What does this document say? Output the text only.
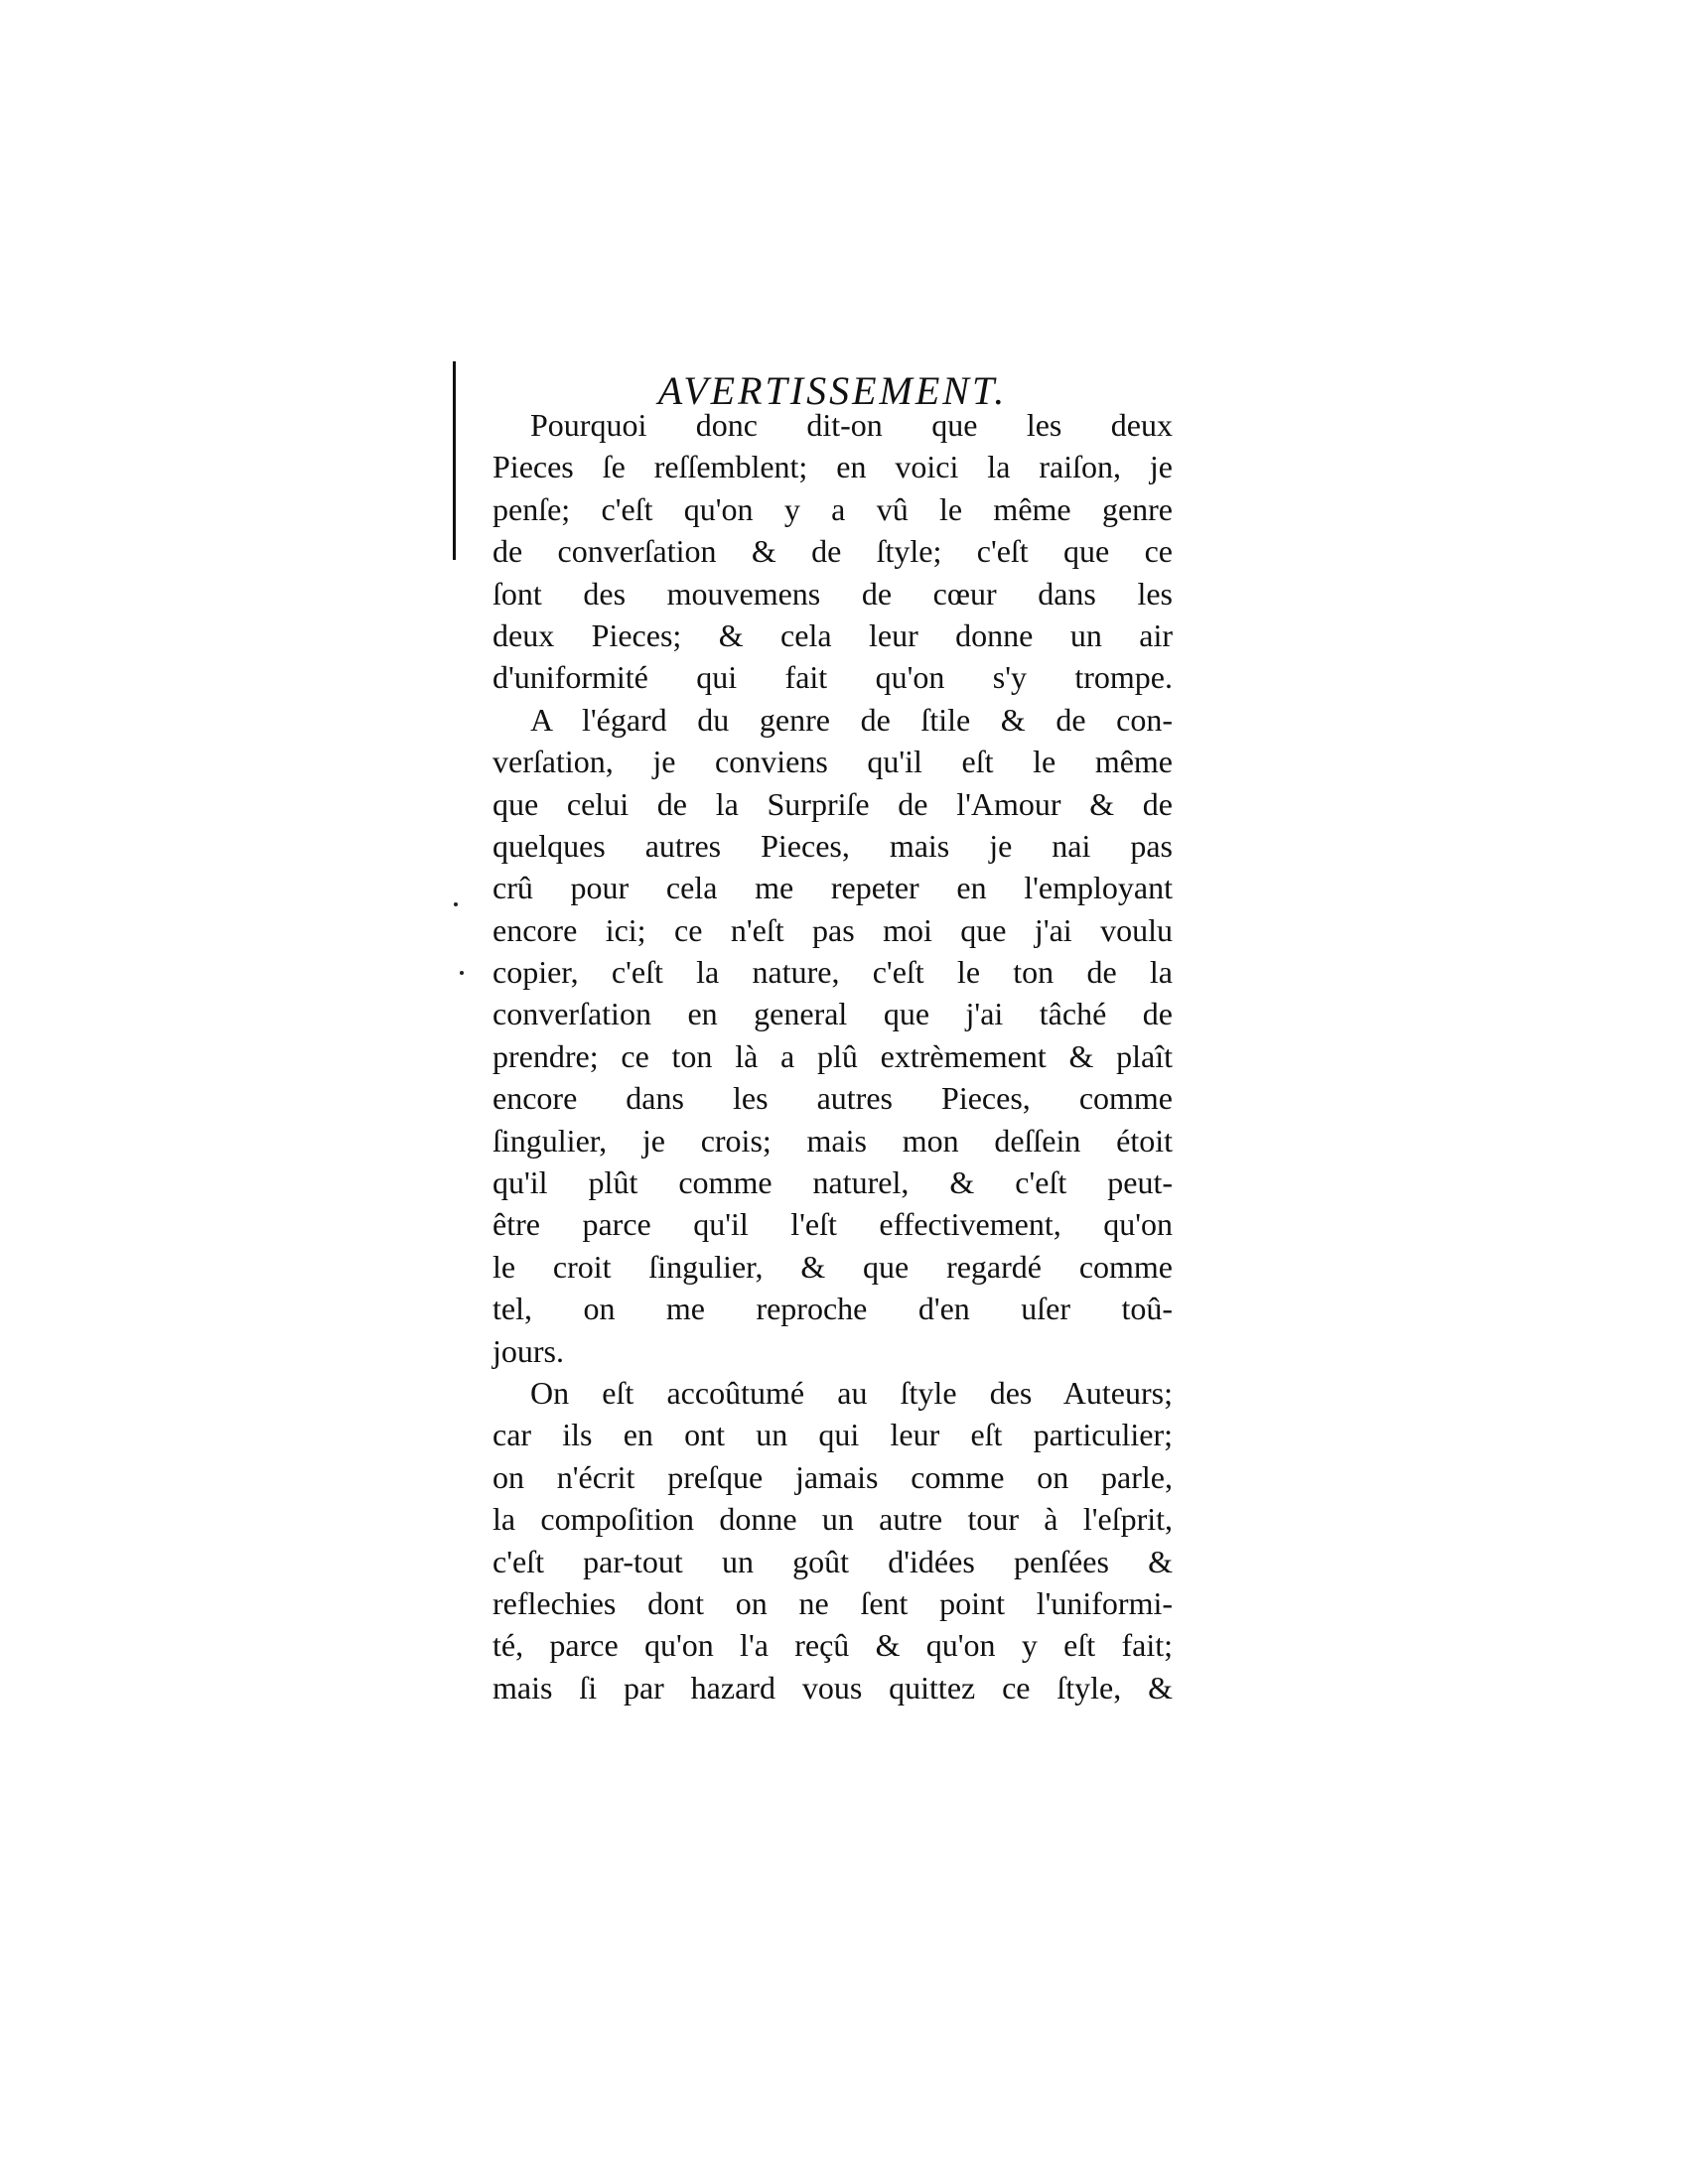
AVERTISSEMENT.
Pourquoi donc dit-on que les deux
Pieces ſe reſſemblent; en voici la raiſon, je
penſe; c'eſt qu'on y a vû le même genre
de converſation & de ſtyle; c'eſt que ce
ſont des mouvemens de cœur dans les
deux Pieces; & cela leur donne un air
d'uniformité qui fait qu'on s'y trompe.
A l'égard du genre de ſtile & de con-
verſation, je conviens qu'il eſt le même
que celui de la Surpriſe de l'Amour & de
quelques autres Pieces, mais je nai pas
crû pour cela me repeter en l'employant
encore ici; ce n'eſt pas moi que j'ai voulu
copier, c'eſt la nature, c'eſt le ton de la
converſation en general que j'ai tâché de
prendre; ce ton là a plû extrèmement & plaît
encore dans les autres Pieces, comme
ſingulier, je crois; mais mon deſſein étoit
qu'il plût comme naturel, & c'eſt peut-
être parce qu'il l'eſt effectivement, qu'on
le croit ſingulier, & que regardé comme
tel, on me reproche d'en uſer toû-
jours.
On eſt accoûtumé au ſtyle des Auteurs;
car ils en ont un qui leur eſt particulier;
on n'écrit preſque jamais comme on parle,
la compoſition donne un autre tour à l'eſprit,
c'eſt par-tout un goût d'idées penſées &
reflechies dont on ne ſent point l'uniformi-
té, parce qu'on l'a reçû & qu'on y eſt fait;
mais ſi par hazard vous quittez ce ſtyle, &
